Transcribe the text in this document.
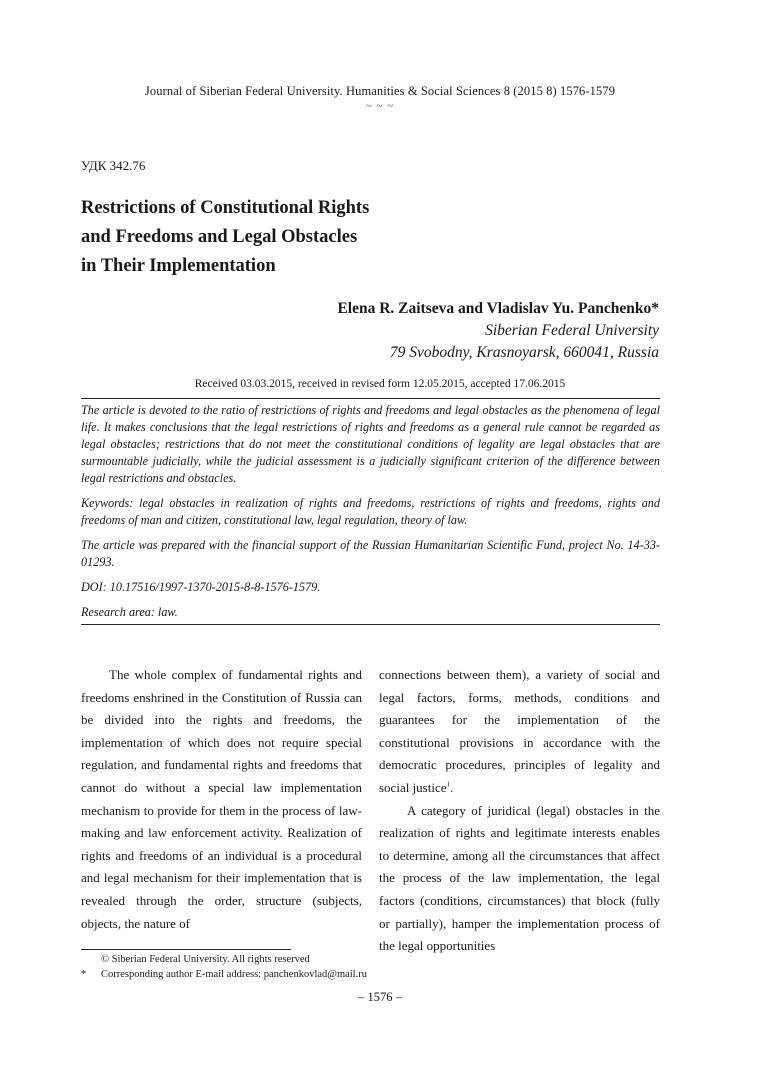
Journal of Siberian Federal University. Humanities & Social Sciences 8 (2015 8) 1576-1579
~ ~ ~
УДК 342.76
Restrictions of Constitutional Rights
and Freedoms and Legal Obstacles
in Their Implementation
Elena R. Zaitseva and Vladislav Yu. Panchenko*
Siberian Federal University
79 Svobodny, Krasnoyarsk, 660041, Russia
Received 03.03.2015, received in revised form 12.05.2015, accepted 17.06.2015

The article is devoted to the ratio of restrictions of rights and freedoms and legal obstacles as the phenomena of legal life. It makes conclusions that the legal restrictions of rights and freedoms as a general rule cannot be regarded as legal obstacles; restrictions that do not meet the constitutional conditions of legality are legal obstacles that are surmountable judicially, while the judicial assessment is a judicially significant criterion of the difference between legal restrictions and obstacles.

Keywords: legal obstacles in realization of rights and freedoms, restrictions of rights and freedoms, rights and freedoms of man and citizen, constitutional law, legal regulation, theory of law.

The article was prepared with the financial support of the Russian Humanitarian Scientific Fund, project No. 14-33-01293.

DOI: 10.17516/1997-1370-2015-8-8-1576-1579.

Research area: law.

The whole complex of fundamental rights and freedoms enshrined in the Constitution of Russia can be divided into the rights and freedoms, the implementation of which does not require special regulation, and fundamental rights and freedoms that cannot do without a special law implementation mechanism to provide for them in the process of law-making and law enforcement activity. Realization of rights and freedoms of an individual is a procedural and legal mechanism for their implementation that is revealed through the order, structure (subjects, objects, the nature of

connections between them), a variety of social and legal factors, forms, methods, conditions and guarantees for the implementation of the constitutional provisions in accordance with the democratic procedures, principles of legality and social justice$^1$.

A category of juridical (legal) obstacles in the realization of rights and legitimate interests enables to determine, among all the circumstances that affect the process of the law implementation, the legal factors (conditions, circumstances) that block (fully or partially), hamper the implementation process of the legal opportunities

© Siberian Federal University. All rights reserved
* Corresponding author E-mail address: panchenkovlad@mail.ru
– 1576 –
